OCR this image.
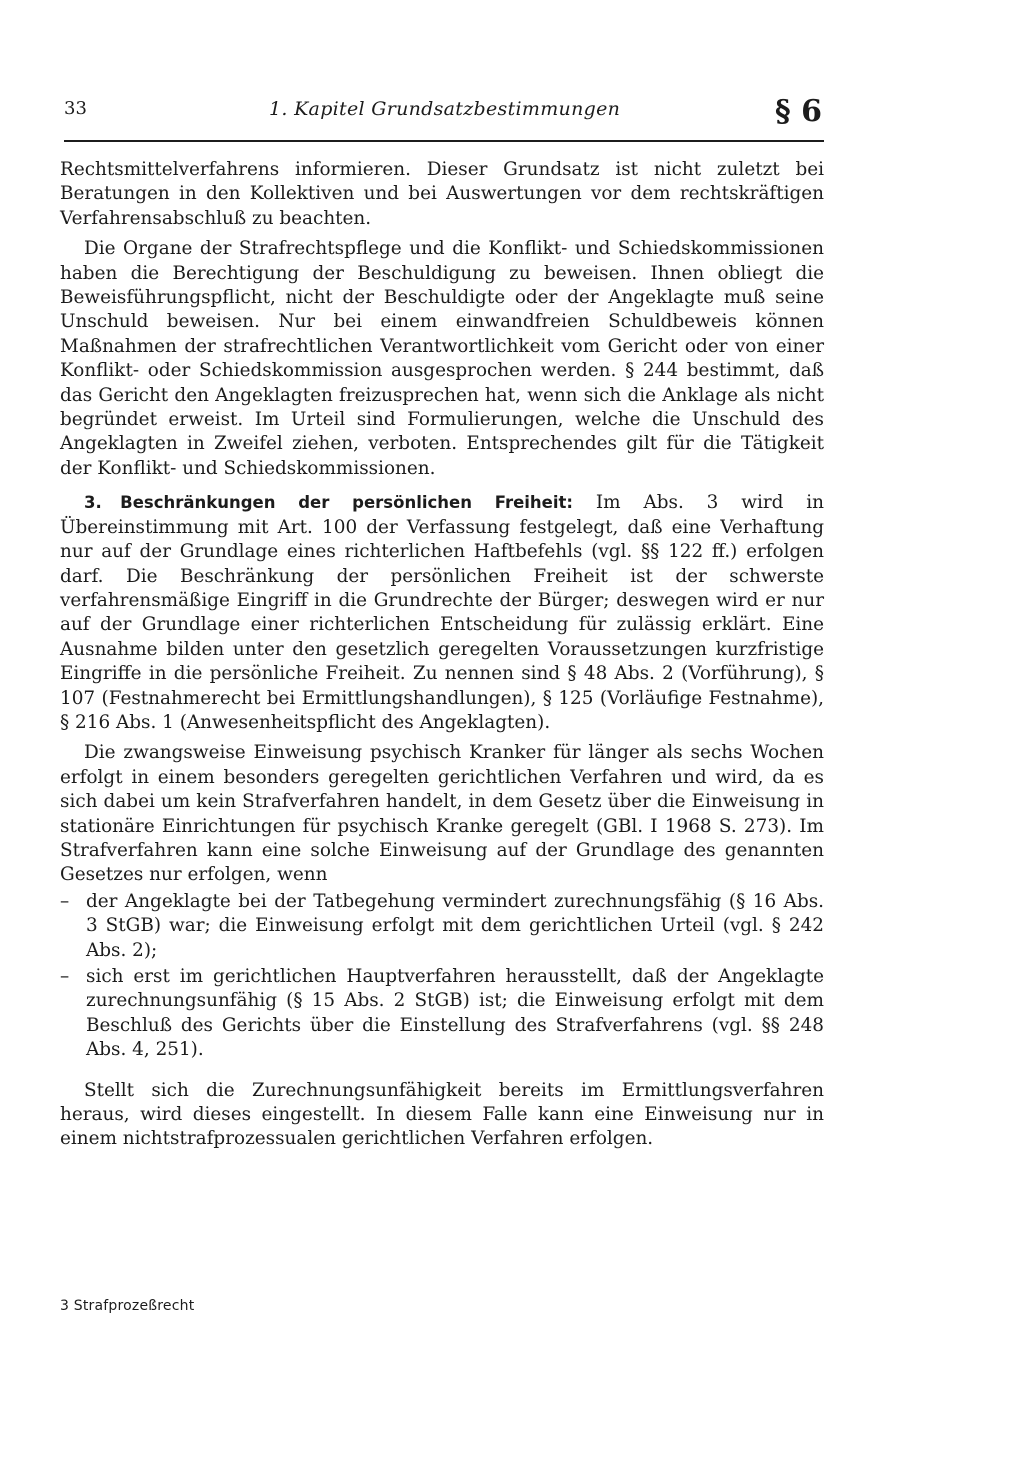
33	1. Kapitel Grundsatzbestimmungen	§ 6

Rechtsmittelverfahrens informieren. Dieser Grundsatz ist nicht zuletzt bei Beratungen in den Kollektiven und bei Auswertungen vor dem rechtskräftigen Verfahrensabschluß zu beachten.

Die Organe der Strafrechtspflege und die Konflikt- und Schiedskommissionen haben die Berechtigung der Beschuldigung zu beweisen. Ihnen obliegt die Beweisführungspflicht, nicht der Beschuldigte oder der Angeklagte muß seine Unschuld beweisen. Nur bei einem einwandfreien Schuldbeweis können Maßnahmen der strafrechtlichen Verantwortlichkeit vom Gericht oder von einer Konflikt- oder Schiedskommission ausgesprochen werden. § 244 bestimmt, daß das Gericht den Angeklagten freizusprechen hat, wenn sich die Anklage als nicht begründet erweist. Im Urteil sind Formulierungen, welche die Unschuld des Angeklagten in Zweifel ziehen, verboten. Entsprechendes gilt für die Tätigkeit der Konflikt- und Schiedskommissionen.

3.  Beschränkungen der persönlichen Freiheit: Im Abs. 3 wird in Übereinstimmung mit Art. 100 der Verfassung festgelegt, daß eine Verhaftung nur auf der Grundlage eines richterlichen Haftbefehls (vgl. §§ 122 ff.) erfolgen darf. Die Beschränkung der persönlichen Freiheit ist der schwerste verfahrensmäßige Eingriff in die Grundrechte der Bürger; deswegen wird er nur auf der Grundlage einer richterlichen Entscheidung für zulässig erklärt. Eine Ausnahme bilden unter den gesetzlich geregelten Voraussetzungen kurzfristige Eingriffe in die persönliche Freiheit. Zu nennen sind § 48 Abs. 2 (Vorführung), § 107 (Festnahmerecht bei Ermittlungshandlungen), § 125 (Vorläufige Festnahme), § 216 Abs. 1 (Anwesenheitspflicht des Angeklagten).

Die zwangsweise Einweisung psychisch Kranker für länger als sechs Wochen erfolgt in einem besonders geregelten gerichtlichen Verfahren und wird, da es sich dabei um kein Strafverfahren handelt, in dem Gesetz über die Einweisung in stationäre Einrichtungen für psychisch Kranke geregelt (GBl. I 1968 S. 273). Im Strafverfahren kann eine solche Einweisung auf der Grundlage des genannten Gesetzes nur erfolgen, wenn

– der Angeklagte bei der Tatbegehung vermindert zurechnungsfähig (§ 16 Abs. 3 StGB) war; die Einweisung erfolgt mit dem gerichtlichen Urteil (vgl. § 242 Abs. 2);
– sich erst im gerichtlichen Hauptverfahren herausstellt, daß der Angeklagte zurechnungsunfähig (§ 15 Abs. 2 StGB) ist; die Einweisung erfolgt mit dem Beschluß des Gerichts über die Einstellung des Strafverfahrens (vgl. §§ 248 Abs. 4, 251).

Stellt sich die Zurechnungsunfähigkeit bereits im Ermittlungsverfahren heraus, wird dieses eingestellt. In diesem Falle kann eine Einweisung nur in einem nichtstrafprozessualen gerichtlichen Verfahren erfolgen.

3 Strafprozeßrecht
